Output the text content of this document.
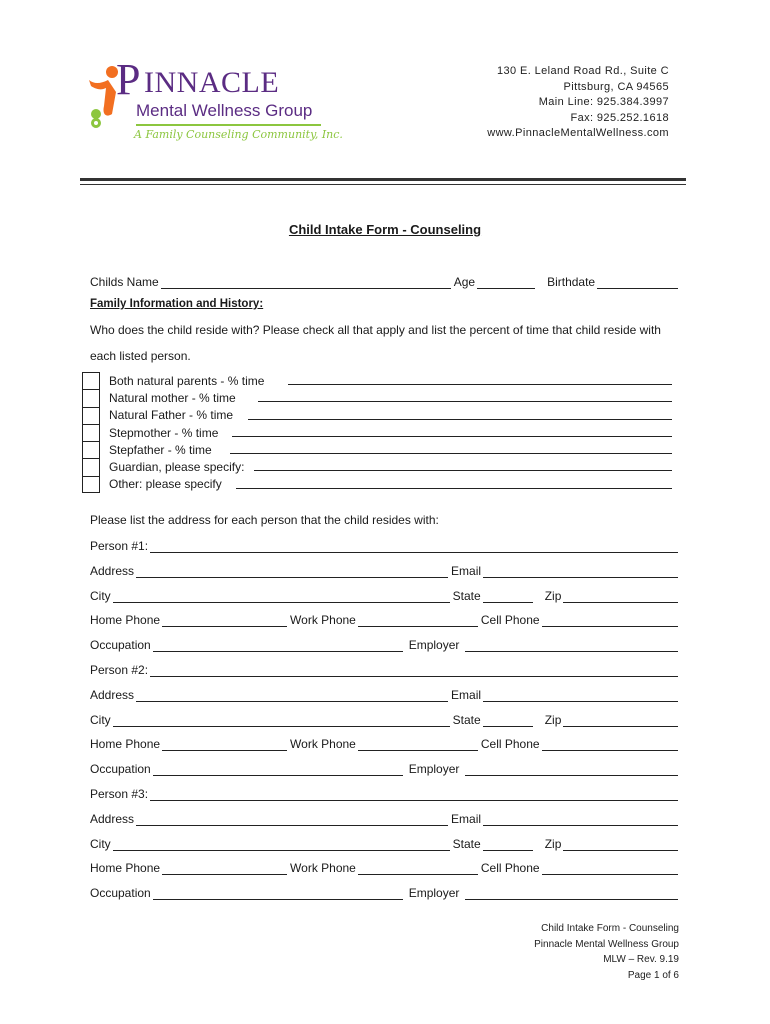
P INNACLE
Mental Wellness Group
A Family Counseling Community, Inc.
130 E. Leland Road Rd., Suite C
Pittsburg, CA 94565
Main Line: 925.384.3997
Fax: 925.252.1618
www.PinnacleMentalWellness.com
Child Intake Form - Counseling
Childs Name	Age	Birthdate
Family Information and History:
Who does the child reside with? Please check all that apply and list the percent of time that child reside with
each listed person.
Both natural parents - % time
Natural mother - % time
Natural Father - % time
Stepmother - % time
Stepfather - % time
Guardian, please specify:
Other: please specify
Please list the address for each person that the child resides with:
Person #1:
Address	Email
City	State	Zip
Home Phone	Work Phone	Cell Phone
Occupation	Employer
Person #2:
Address	Email
City	State	Zip
Home Phone	Work Phone	Cell Phone
Occupation	Employer
Person #3:
Address	Email
City	State	Zip
Home Phone	Work Phone	Cell Phone
Occupation	Employer
Child Intake Form - Counseling
Pinnacle Mental Wellness Group
MLW – Rev. 9.19
Page 1 of 6
